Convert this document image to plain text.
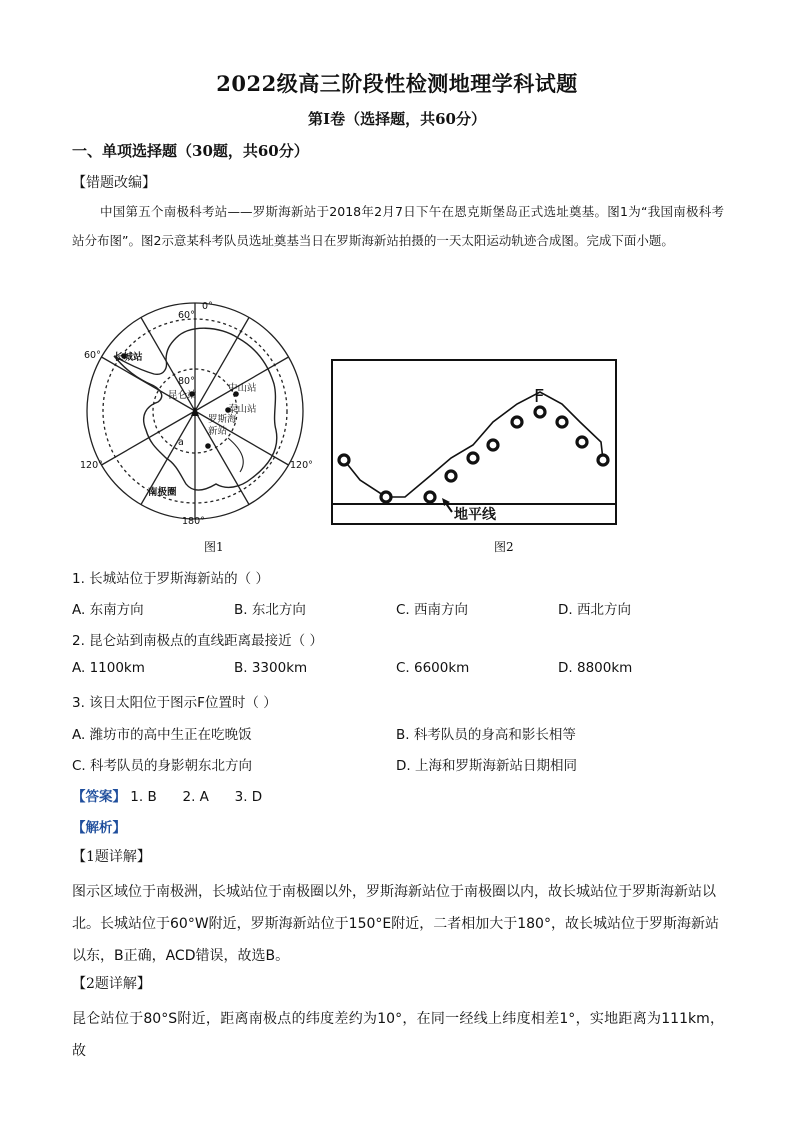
2022级高三阶段性检测地理学科试题
第Ⅰ卷（选择题，共60分）
一、单项选择题（30题，共60分）
【错题改编】
中国第五个南极科考站——罗斯海新站于2018年2月7日下午在恩克斯堡岛正式选址奠基。图1为“我国南极科考站分布图”。图2示意某科考队员选址奠基当日在罗斯海新站拍摄的一天太阳运动轨迹合成图。完成下面小题。
0°
60°
60°
80°
120°	120°
180°
长城站
昆仑站
中山站
泰山站
罗斯海
新站
a
南极圈
图1
F
地平线
图2
1. 长城站位于罗斯海新站的（ ）
A. 东南方向	B. 东北方向	C. 西南方向	D. 西北方向
2. 昆仑站到南极点的直线距离最接近（ ）
A. 1100km	B. 3300km	C. 6600km	D. 8800km
3. 该日太阳位于图示F位置时（ ）
A. 潍坊市的高中生正在吃晚饭	B. 科考队员的身高和影长相等
C. 科考队员的身影朝东北方向	D. 上海和罗斯海新站日期相同
【答案】 1. B      2. A      3. D
【解析】
【1题详解】
图示区域位于南极洲，长城站位于南极圈以外，罗斯海新站位于南极圈以内，故长城站位于罗斯海新站以
北。长城站位于60°W附近，罗斯海新站位于150°E附近，二者相加大于180°，故长城站位于罗斯海新站
以东，B正确，ACD错误，故选B。
【2题详解】
昆仑站位于80°S附近，距离南极点的纬度差约为10°，在同一经线上纬度相差1°，实地距离为111km，故
